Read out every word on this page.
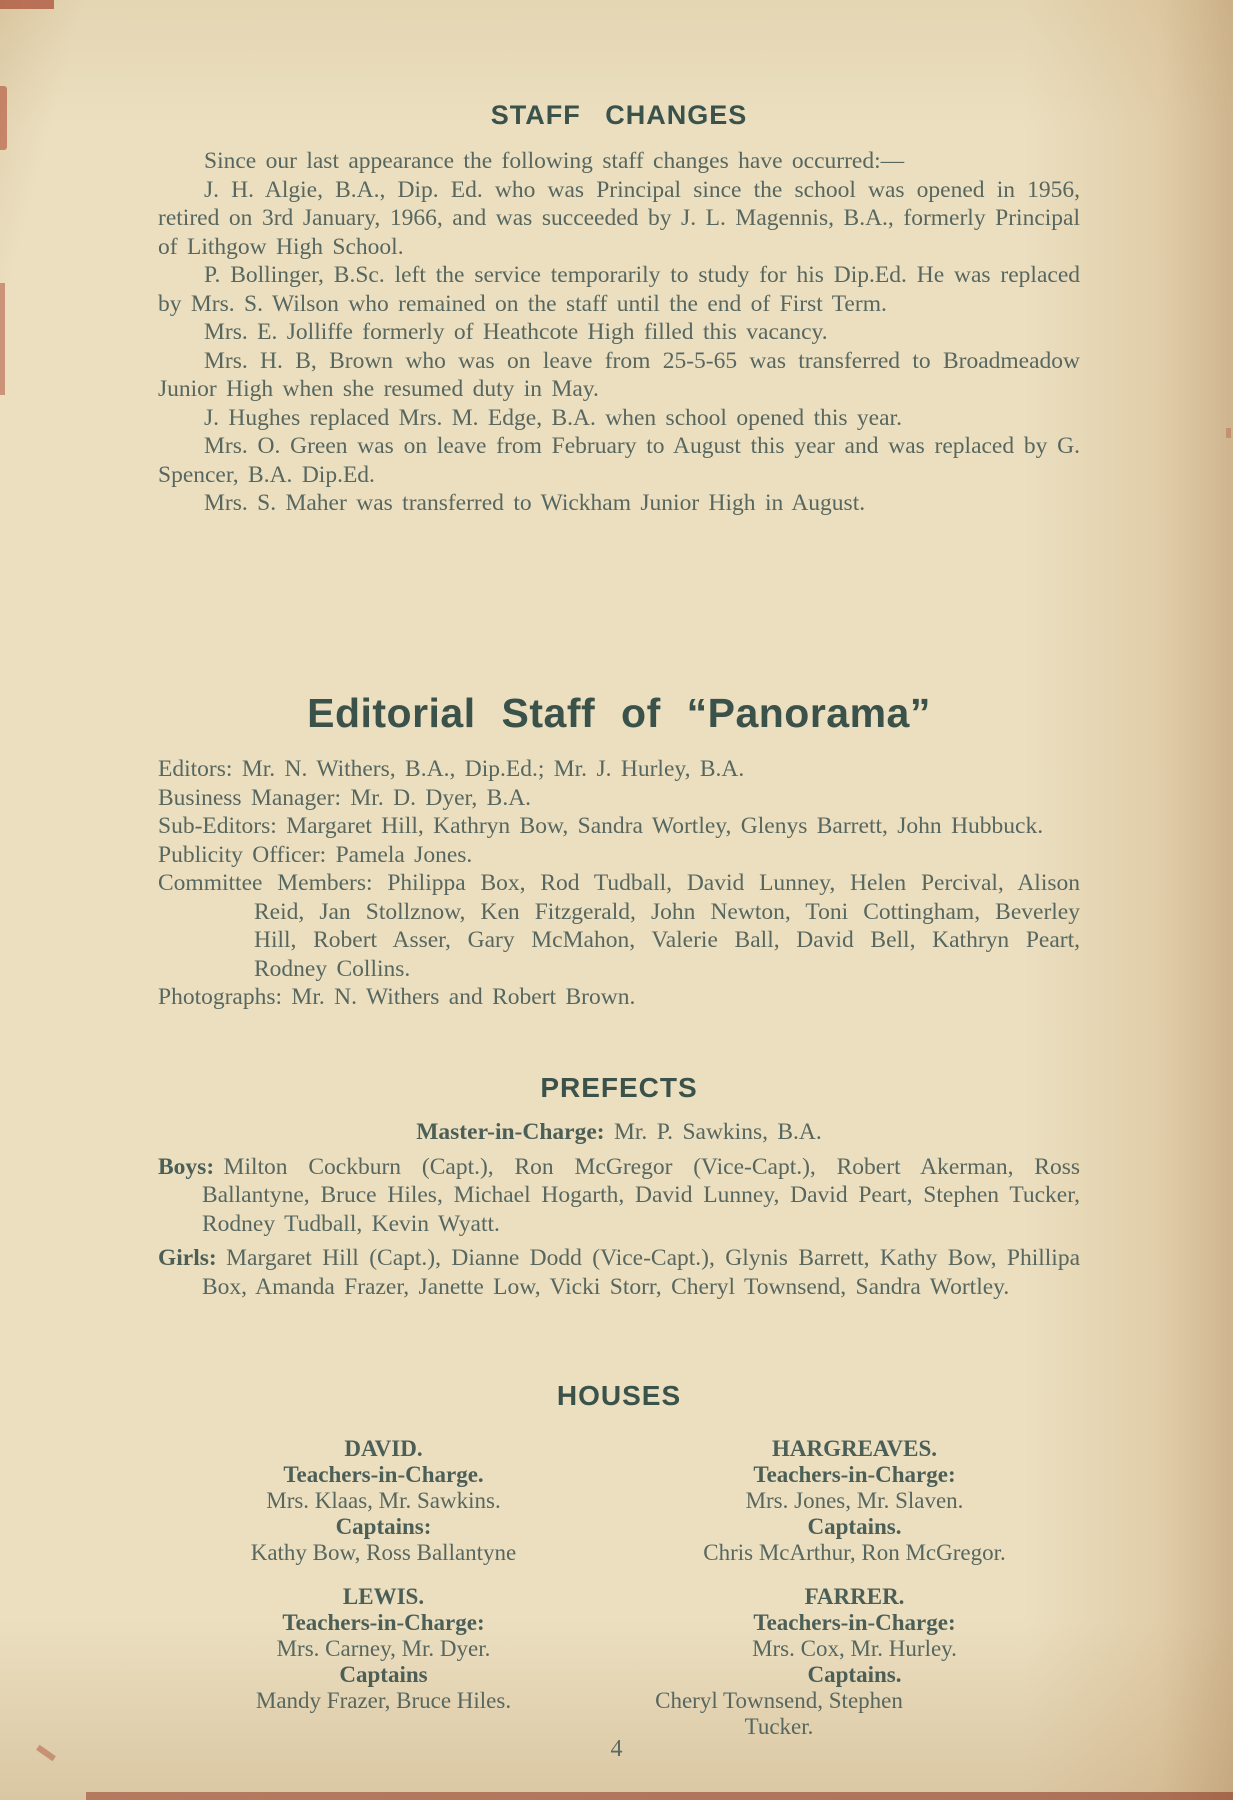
STAFF CHANGES

Since our last appearance the following staff changes have occurred:—

J. H. Algie, B.A., Dip. Ed. who was Principal since the school was opened in 1956, retired on 3rd January, 1966, and was succeeded by J. L. Magennis, B.A., formerly Principal of Lithgow High School.

P. Bollinger, B.Sc. left the service temporarily to study for his Dip.Ed. He was replaced by Mrs. S. Wilson who remained on the staff until the end of First Term.

Mrs. E. Jolliffe formerly of Heathcote High filled this vacancy.

Mrs. H. B, Brown who was on leave from 25-5-65 was transferred to Broadmeadow Junior High when she resumed duty in May.

J. Hughes replaced Mrs. M. Edge, B.A. when school opened this year.

Mrs. O. Green was on leave from February to August this year and was replaced by G. Spencer, B.A. Dip.Ed.

Mrs. S. Maher was transferred to Wickham Junior High in August.

Editorial Staff of “Panorama”

Editors: Mr. N. Withers, B.A., Dip.Ed.; Mr. J. Hurley, B.A.

Business Manager: Mr. D. Dyer, B.A.

Sub-Editors: Margaret Hill, Kathryn Bow, Sandra Wortley, Glenys Barrett, John Hubbuck.

Publicity Officer: Pamela Jones.

Committee Members: Philippa Box, Rod Tudball, David Lunney, Helen Percival, Alison Reid, Jan Stollznow, Ken Fitzgerald, John Newton, Toni Cottingham, Beverley Hill, Robert Asser, Gary McMahon, Valerie Ball, David Bell, Kathryn Peart, Rodney Collins.

Photographs: Mr. N. Withers and Robert Brown.

PREFECTS

Master-in-Charge: Mr. P. Sawkins, B.A.

Boys: Milton Cockburn (Capt.), Ron McGregor (Vice-Capt.), Robert Akerman, Ross Ballantyne, Bruce Hiles, Michael Hogarth, David Lunney, David Peart, Stephen Tucker, Rodney Tudball, Kevin Wyatt.

Girls: Margaret Hill (Capt.), Dianne Dodd (Vice-Capt.), Glynis Barrett, Kathy Bow, Phillipa Box, Amanda Frazer, Janette Low, Vicki Storr, Cheryl Townsend, Sandra Wortley.

HOUSES
DAVID.
Teachers-in-Charge.
Mrs. Klaas, Mr. Sawkins.
Captains:
Kathy Bow, Ross Ballantyne
HARGREAVES.
Teachers-in-Charge:
Mrs. Jones, Mr. Slaven.
Captains.
Chris McArthur, Ron McGregor.
LEWIS.
Teachers-in-Charge:
Mrs. Carney, Mr. Dyer.
Captains
Mandy Frazer, Bruce Hiles.
FARRER.
Teachers-in-Charge:
Mrs. Cox, Mr. Hurley.
Captains.
Cheryl Townsend, Stephen Tucker.
4
